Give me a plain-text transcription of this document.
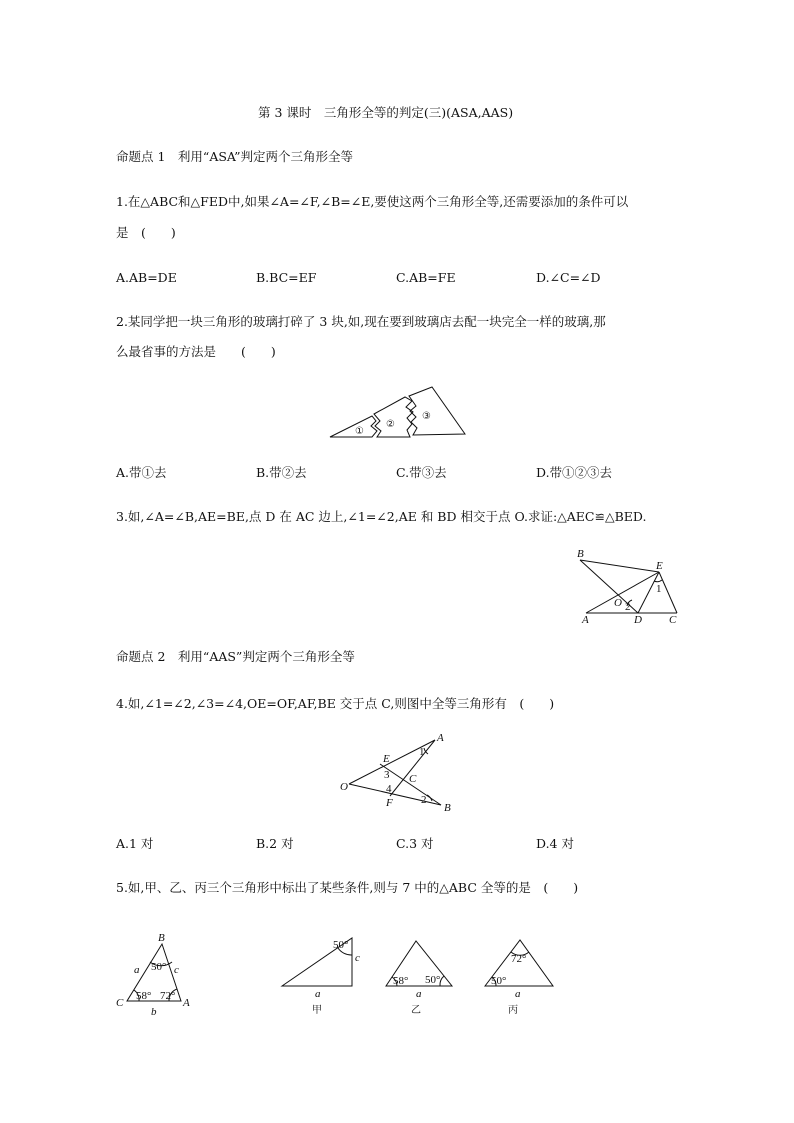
第 3 课时　三角形全等的判定(三)(ASA,AAS)
命题点 1　利用“ASA”判定两个三角形全等
1.在△ABC和△FED中,如果∠A=∠F,∠B=∠E,要使这两个三角形全等,还需要添加的条件可以
是　(　　)
A.AB=DE	B.BC=EF	C.AB=FE	D.∠C=∠D
2.某同学把一块三角形的玻璃打碎了 3 块,如,现在要到玻璃店去配一块完全一样的玻璃,那
么最省事的方法是　　(　　)
①
②
③
A.带①去	B.带②去	C.带③去	D.带①②③去
3.如,∠A=∠B,AE=BE,点 D 在 AC 边上,∠1=∠2,AE 和 BD 相交于点 O.求证:△AEC≌△BED.
B
E
O
A	D C
1
2
命题点 2　利用“AAS”判定两个三角形全等
4.如,∠1=∠2,∠3=∠4,OE=OF,AF,BE 交于点 C,则图中全等三角形有　(　　)
A
E
O
C
F	B
1
2
3
4
A.1 对	B.2 对	C.3 对	D.4 对
5.如,甲、乙、丙三个三角形中标出了某些条件,则与 7 中的△ABC 全等的是　(　　)
B
C	A
a	c
b
50°
58° 72°
50°
c
a
甲
58° 50°
a
乙
72°
50°
a
丙
